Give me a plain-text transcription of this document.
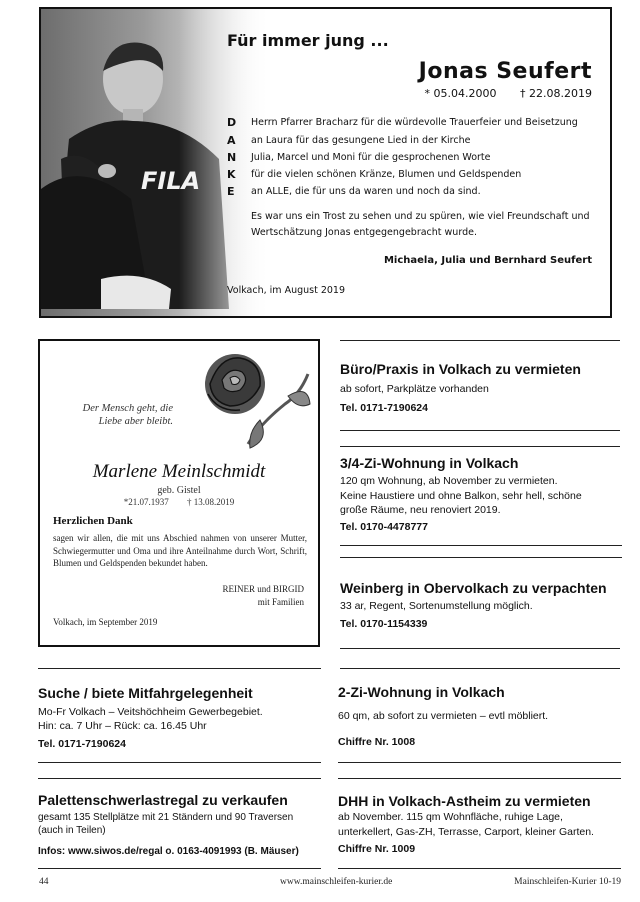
Für immer jung ...
Jonas Seufert
* 05.04.2000 † 22.08.2019
D
A
N
K
E
Herrn Pfarrer Bracharz für die würdevolle Trauerfeier und Beisetzung
an Laura für das gesungene Lied in der Kirche
Julia, Marcel und Moni für die gesprochenen Worte
für die vielen schönen Kränze, Blumen und Geldspenden
an ALLE, die für uns da waren und noch da sind.
Es war uns ein Trost zu sehen und zu spüren, wie viel Freundschaft und Wertschätzung Jonas entgegengebracht wurde.
Michaela, Julia und Bernhard Seufert
Volkach, im August 2019
Der Mensch geht, die Liebe aber bleibt.
Marlene Meinlschmidt
geb. Gistel
*21.07.1937 † 13.08.2019
Herzlichen Dank
sagen wir allen, die mit uns Abschied nahmen von unserer Mutter, Schwiegermutter und Oma und ihre Anteilnahme durch Wort, Schrift, Blumen und Geldspenden bekundet haben.
REINER und BIRGID
mit Familien
Volkach, im September 2019
Büro/Praxis in Volkach zu vermieten
ab sofort, Parkplätze vorhanden
Tel. 0171-7190624
3/4-Zi-Wohnung in Volkach
120 qm Wohnung, ab November zu vermieten.
Keine Haustiere und ohne Balkon, sehr hell, schöne
große Räume, neu renoviert 2019.
Tel. 0170-4478777
Weinberg in Obervolkach zu verpachten
33 ar, Regent, Sortenumstellung möglich.
Tel. 0170-1154339
2-Zi-Wohnung in Volkach
60 qm, ab sofort zu vermieten – evtl möbliert.
Chiffre Nr. 1008
DHH in Volkach-Astheim zu vermieten
ab November. 115 qm Wohnfläche, ruhige Lage,
unterkellert, Gas-ZH, Terrasse, Carport, kleiner Garten.
Chiffre Nr. 1009
Suche / biete Mitfahrgelegenheit
Mo-Fr Volkach – Veitshöchheim Gewerbegebiet.
Hin: ca. 7 Uhr – Rück: ca. 16.45 Uhr
Tel. 0171-7190624
Palettenschwerlastregal zu verkaufen
gesamt 135 Stellplätze mit 21 Ständern und 90 Traversen
(auch in Teilen)
Infos: www.siwos.de/regal o. 0163-4091993 (B. Mäuser)
44	www.mainschleifen-kurier.de	Mainschleifen-Kurier 10-19
